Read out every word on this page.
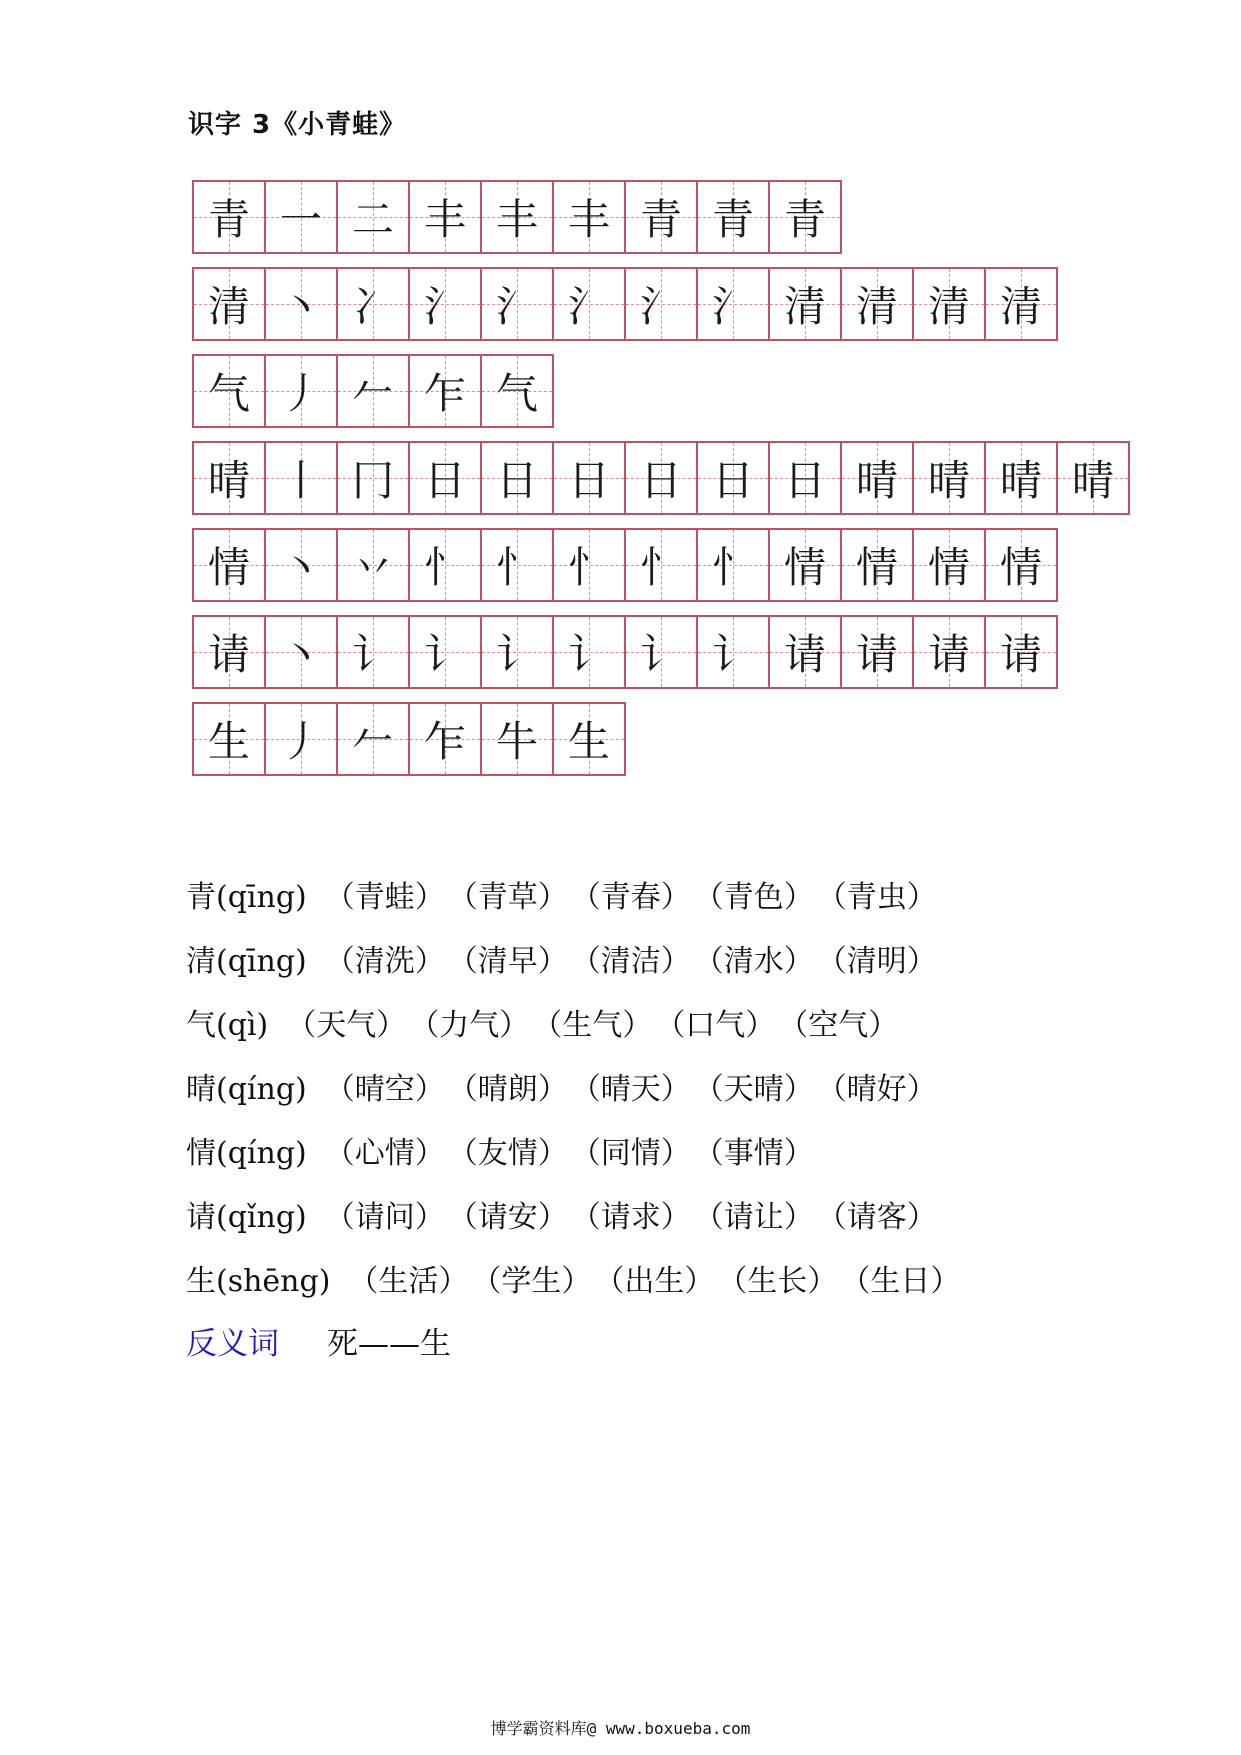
识字 3《小青蛙》
青 一 二 丰 丰 丰 青 青 青
清 丶 冫 氵 氵 氵 氵 氵 清 清 清 清
气 丿 𠂉 乍 气
晴 丨 冂 日 日 日 日 日 日 晴 晴 晴 晴
情 丶 丷 忄 忄 忄 忄 忄 情 情 情 情
请 丶 讠 讠 讠 讠 讠 讠 请 请 请 请
生 丿 𠂉 乍 牛 生
青(qīng) （青蛙） （青草） （青春） （青色） （青虫）
清(qīng) （清洗） （清早） （清洁） （清水） （清明）
气(qì) （天气） （力气） （生气） （口气） （空气）
晴(qíng) （晴空） （晴朗） （晴天） （天晴） （晴好）
情(qíng) （心情） （友情） （同情） （事情）
请(qǐng) （请问） （请安） （请求） （请让） （请客）
生(shēng) （生活） （学生） （出生） （生长） （生日）
反义词 死——生
博学霸资料库@ www.boxueba.com
